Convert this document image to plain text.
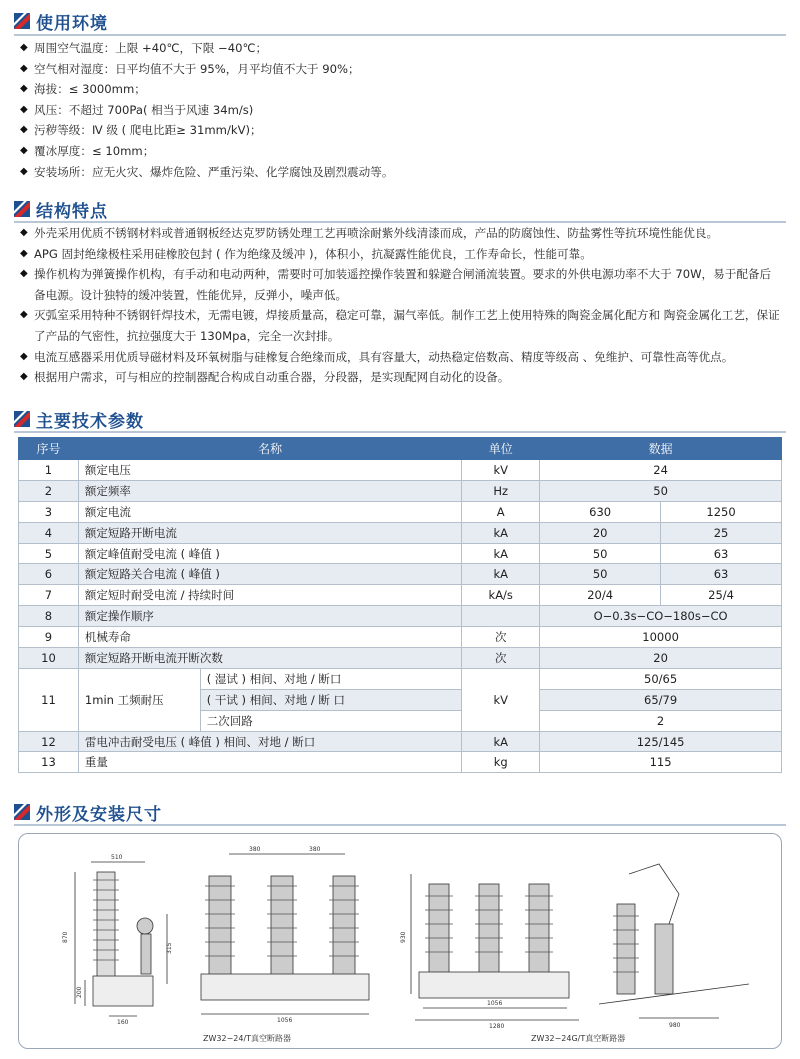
使用环境
◆ 周围空气温度：上限 +40℃，下限 −40℃；
◆ 空气相对湿度：日平均值不大于 95%，月平均值不大于 90%；
◆ 海拔：≤ 3000mm；
◆ 风压：不超过 700Pa( 相当于风速 34m/s)
◆ 污秽等级：Ⅳ 级 ( 爬电比距≥ 31mm/kV)；
◆ 覆冰厚度：≤ 10mm；
◆ 安装场所：应无火灾、爆炸危险、严重污染、化学腐蚀及剧烈震动等。
结构特点
◆ 外壳采用优质不锈钢材料或普通钢板经达克罗防锈处理工艺再喷涂耐紫外线清漆而成，产品的防腐蚀性、防盐雾性等抗环境性能优良。
◆ APG 固封绝缘极柱采用硅橡胶包封 ( 作为绝缘及缓冲 )，体积小，抗凝露性能优良，工作寿命长，性能可靠。
◆ 操作机构为弹簧操作机构，有手动和电动两种，需要时可加装遥控操作装置和躲避合闸涌流装置。要求的外供电源功率不大于 70W，易于配备后备电源。设计独特的缓冲装置，性能优异，反弹小，噪声低。
◆ 灭弧室采用特种不锈钢钎焊技术，无需电镀，焊接质量高，稳定可靠，漏气率低。制作工艺上使用特殊的陶瓷金属化配方和 陶瓷金属化工艺，保证了产品的气密性，抗拉强度大于 130Mpa，完全一次封排。
◆ 电流互感器采用优质导磁材料及环氧树脂与硅橡复合绝缘而成，具有容量大，动热稳定倍数高、精度等级高 、免维护、可靠性高等优点。
◆ 根据用户需求，可与相应的控制器配合构成自动重合器，分段器，是实现配网自动化的设备。
主要技术参数
序号	名称		单位	数据	
1	额定电压		kV	24	
2	额定频率		Hz	50	
3	额定电流		A	630	1250
4	额定短路开断电流		kA	20	25
5	额定峰值耐受电流 ( 峰值 )		kA	50	63
6	额定短路关合电流 ( 峰值 )		kA	50	63
7	额定短时耐受电流 / 持续时间		kA/s	20/4	25/4
8	额定操作顺序			O−0.3s−CO−180s−CO	
9	机械寿命		次	10000	
10	额定短路开断电流开断次数		次	20	
11	1min 工频耐压	( 湿试 ) 相间、对地 / 断口	kV	50/65	
		( 干试 ) 相间、对地 / 断 口		65/79	
		二次回路		2	
12	雷电冲击耐受电压 ( 峰值 ) 相间、对地 / 断口		kA	125/145	
13	重量		kg	115	
外形及安装尺寸
510
870
315
200
160
380	380
1056
930
1056
1280	980
ZW32−24/T真空断路器	ZW32−24G/T真空断路器
